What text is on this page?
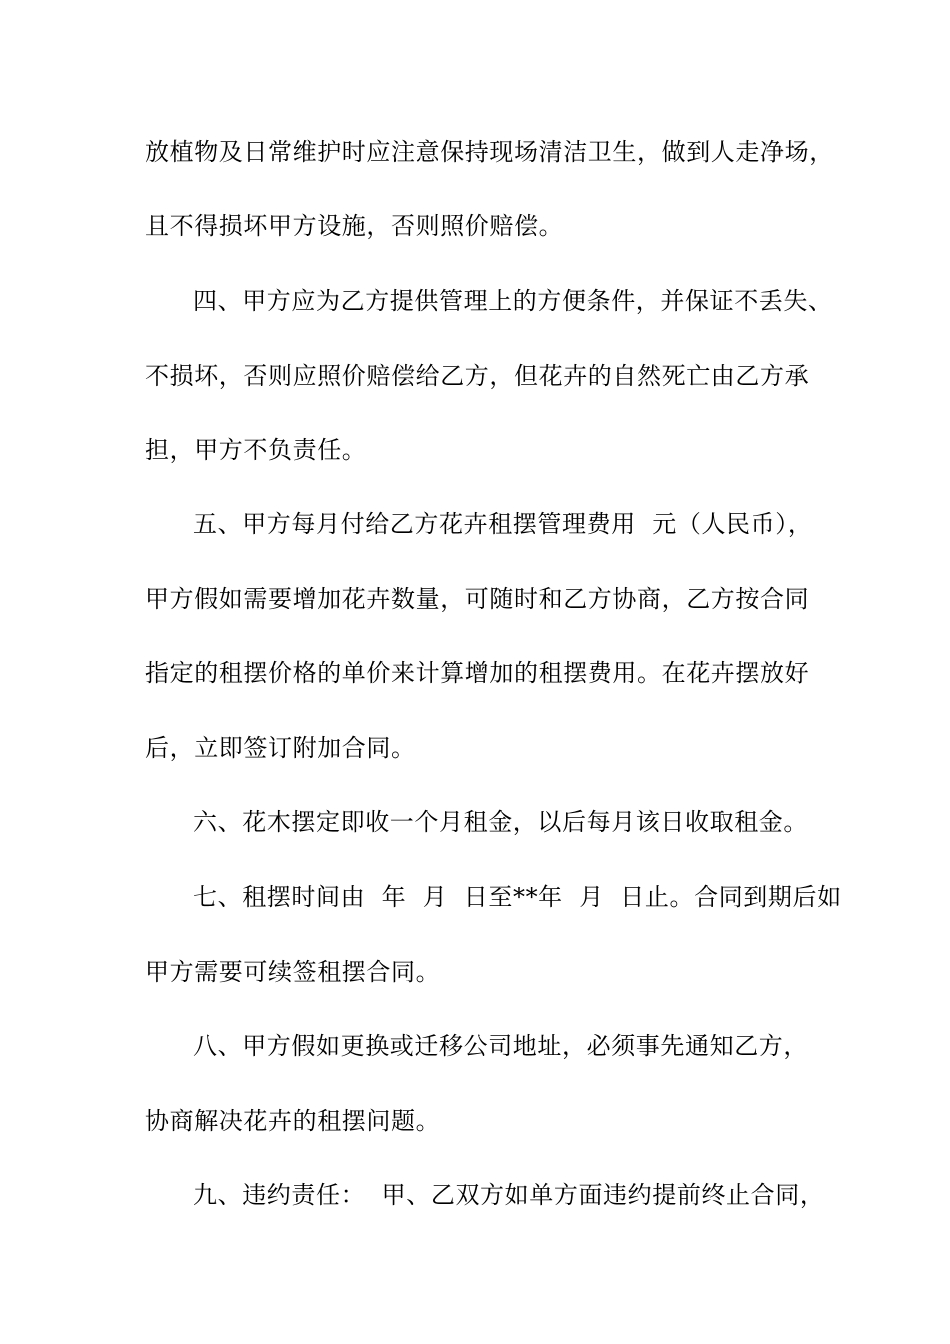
放植物及日常维护时应注意保持现场清洁卫生，做到人走净场，
且不得损坏甲方设施，否则照价赔偿。
四、甲方应为乙方提供管理上的方便条件，并保证不丢失、
不损坏，否则应照价赔偿给乙方，但花卉的自然死亡由乙方承
担，甲方不负责任。
五、甲方每月付给乙方花卉租摆管理费用  元（人民币），
甲方假如需要增加花卉数量，可随时和乙方协商，乙方按合同
指定的租摆价格的单价来计算增加的租摆费用。在花卉摆放好
后，立即签订附加合同。
六、花木摆定即收一个月租金，以后每月该日收取租金。
七、租摆时间由  年  月  日至**年  月  日止。合同到期后如
甲方需要可续签租摆合同。
八、甲方假如更换或迁移公司地址，必须事先通知乙方，
协商解决花卉的租摆问题。
九、违约责任：  甲、乙双方如单方面违约提前终止合同，
